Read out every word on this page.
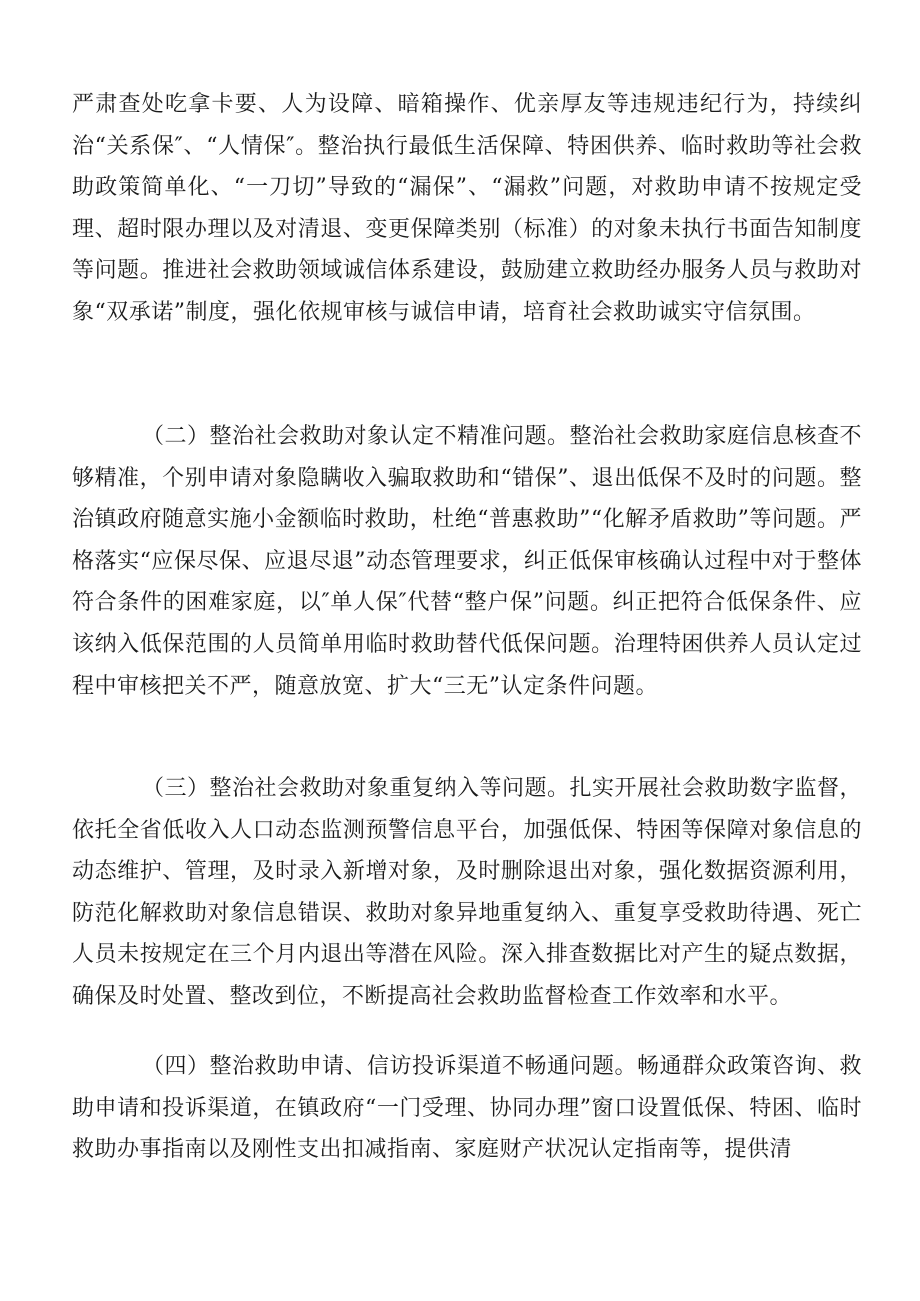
严肃查处吃拿卡要、人为设障、暗箱操作、优亲厚友等违规违纪行为，持续纠治“关系保″、“人情保″。整治执行最低生活保障、特困供养、临时救助等社会救助政策简单化、“一刀切”导致的“漏保”、“漏救”问题，对救助申请不按规定受理、超时限办理以及对清退、变更保障类别（标准）的对象未执行书面告知制度等问题。推进社会救助领域诚信体系建设，鼓励建立救助经办服务人员与救助对象“双承诺”制度，强化依规审核与诚信申请，培育社会救助诚实守信氛围。

（二）整治社会救助对象认定不精准问题。整治社会救助家庭信息核查不够精准，个别申请对象隐瞒收入骗取救助和“错保”、退出低保不及时的问题。整治镇政府随意实施小金额临时救助，杜绝“普惠救助”“化解矛盾救助”等问题。严格落实“应保尽保、应退尽退”动态管理要求，纠正低保审核确认过程中对于整体符合条件的困难家庭，以″单人保″代替“整户保”问题。纠正把符合低保条件、应该纳入低保范围的人员简单用临时救助替代低保问题。治理特困供养人员认定过程中审核把关不严，随意放宽、扩大“三无”认定条件问题。

（三）整治社会救助对象重复纳入等问题。扎实开展社会救助数字监督，依托全省低收入人口动态监测预警信息平台，加强低保、特困等保障对象信息的动态维护、管理，及时录入新增对象，及时删除退出对象，强化数据资源利用，防范化解救助对象信息错误、救助对象异地重复纳入、重复享受救助待遇、死亡人员未按规定在三个月内退出等潜在风险。深入排查数据比对产生的疑点数据，确保及时处置、整改到位，不断提高社会救助监督检查工作效率和水平。

（四）整治救助申请、信访投诉渠道不畅通问题。畅通群众政策咨询、救助申请和投诉渠道，在镇政府“一门受理、协同办理”窗口设置低保、特困、临时救助办事指南以及刚性支出扣减指南、家庭财产状况认定指南等，提供清
